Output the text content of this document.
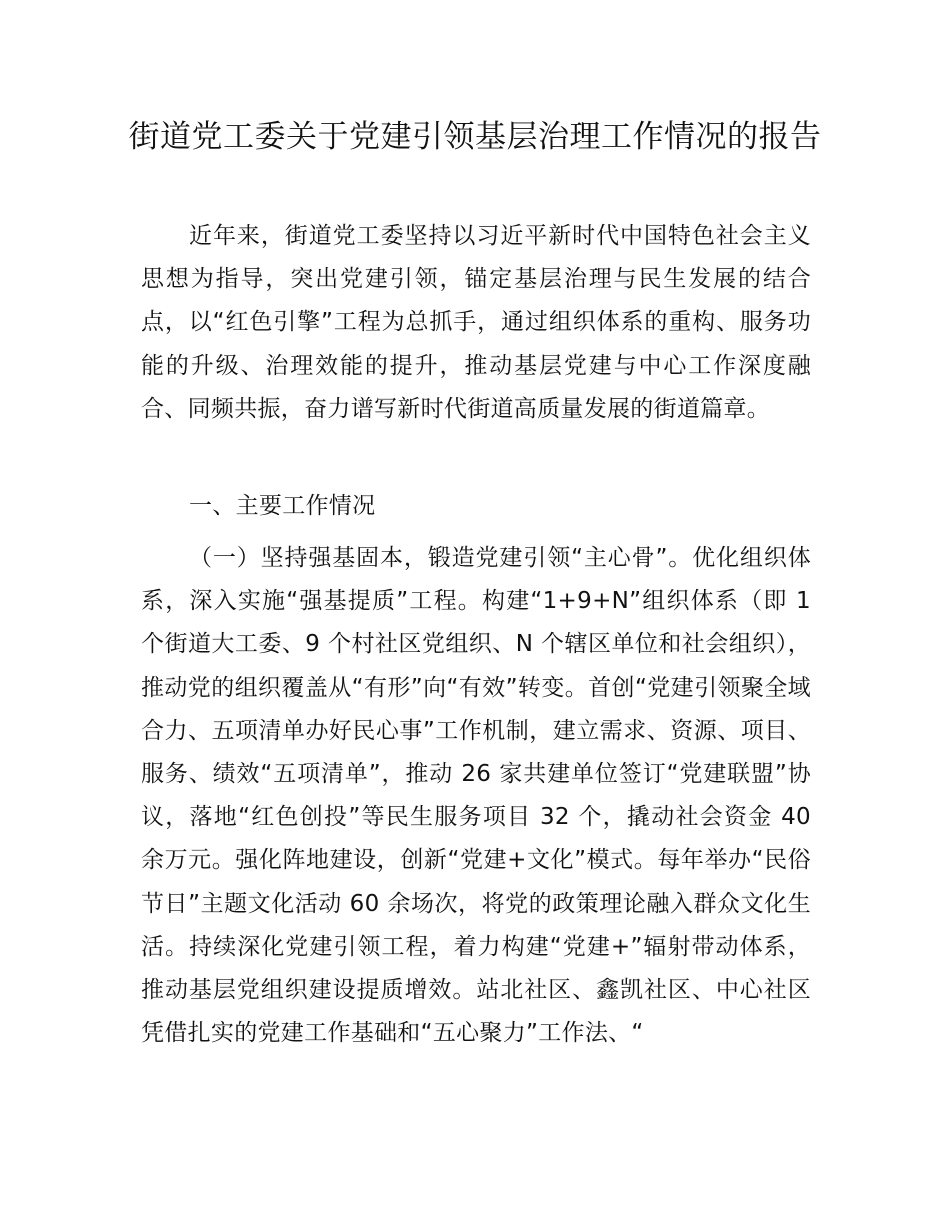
街道党工委关于党建引领基层治理工作情况的报告

近年来，街道党工委坚持以习近平新时代中国特色社会主义思想为指导，突出党建引领，锚定基层治理与民生发展的结合点，以“红色引擎”工程为总抓手，通过组织体系的重构、服务功能的升级、治理效能的提升，推动基层党建与中心工作深度融合、同频共振，奋力谱写新时代街道高质量发展的街道篇章。

一、主要工作情况

（一）坚持强基固本，锻造党建引领“主心骨”。优化组织体系，深入实施“强基提质”工程。构建“1+9+N”组织体系（即 1 个街道大工委、9 个村社区党组织、N 个辖区单位和社会组织），推动党的组织覆盖从“有形”向“有效”转变。首创“党建引领聚全域合力、五项清单办好民心事”工作机制，建立需求、资源、项目、服务、绩效“五项清单”，推动 26 家共建单位签订“党建联盟”协议，落地“红色创投”等民生服务项目 32 个，撬动社会资金 40 余万元。强化阵地建设，创新“党建+文化”模式。每年举办“民俗节日”主题文化活动 60 余场次，将党的政策理论融入群众文化生活。持续深化党建引领工程，着力构建“党建+”辐射带动体系，推动基层党组织建设提质增效。站北社区、鑫凯社区、中心社区凭借扎实的党建工作基础和“五心聚力”工作法、“
